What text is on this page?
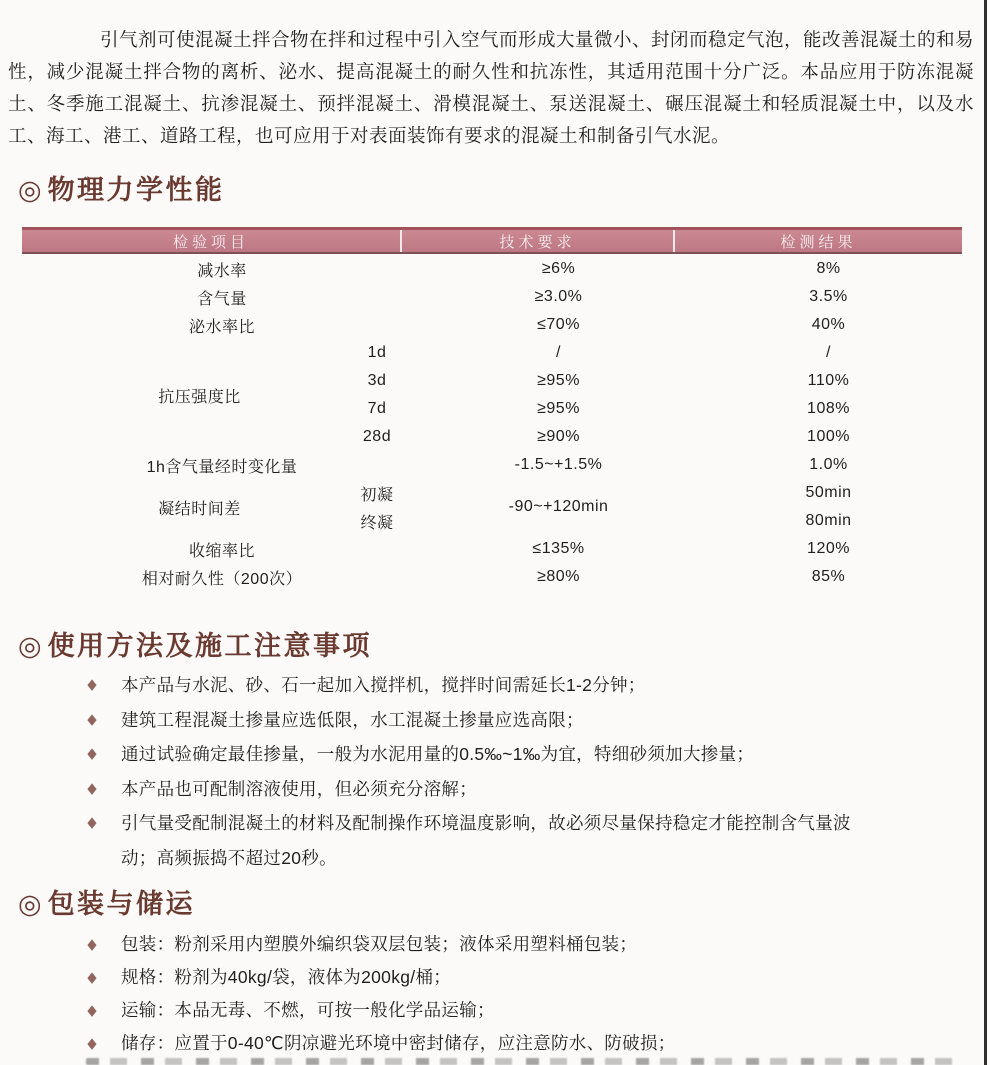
引气剂可使混凝土拌合物在拌和过程中引入空气而形成大量微小、封闭而稳定气泡，能改善混凝土的和易性，减少混凝土拌合物的离析、泌水、提高混凝土的耐久性和抗冻性，其适用范围十分广泛。本品应用于防冻混凝土、冬季施工混凝土、抗渗混凝土、预拌混凝土、滑模混凝土、泵送混凝土、碾压混凝土和轻质混凝土中，以及水工、海工、港工、道路工程，也可应用于对表面装饰有要求的混凝土和制备引气水泥。

◎ 物理力学性能
检验项目	技术要求	检测结果
减水率		≥6%	8%
含气量		≥3.0%	3.5%
泌水率比		≤70%	40%
抗压强度比	1d	/	/
	3d	≥95%	110%
	7d	≥95%	108%
	28d	≥90%	100%
1h含气量经时变化量		-1.5~+1.5%	1.0%
凝结时间差	初凝	-90~+120min	50min
	终凝		80min
收缩率比		≤135%	120%
相对耐久性（200次）		≥80%	85%
◎ 使用方法及施工注意事项
◆ 本产品与水泥、砂、石一起加入搅拌机，搅拌时间需延长1-2分钟；
◆ 建筑工程混凝土掺量应选低限，水工混凝土掺量应选高限；
◆ 通过试验确定最佳掺量，一般为水泥用量的0.5‰~1‰为宜，特细砂须加大掺量；
◆ 本产品也可配制溶液使用，但必须充分溶解；
◆ 引气量受配制混凝土的材料及配制操作环境温度影响，故必须尽量保持稳定才能控制含气量波动；高频振捣不超过20秒。
◎ 包装与储运
◆ 包装：粉剂采用内塑膜外编织袋双层包装；液体采用塑料桶包装；
◆ 规格：粉剂为40kg/袋，液体为200kg/桶；
◆ 运输：本品无毒、不燃，可按一般化学品运输；
◆ 储存：应置于0-40℃阴凉避光环境中密封储存，应注意防水、防破损；
